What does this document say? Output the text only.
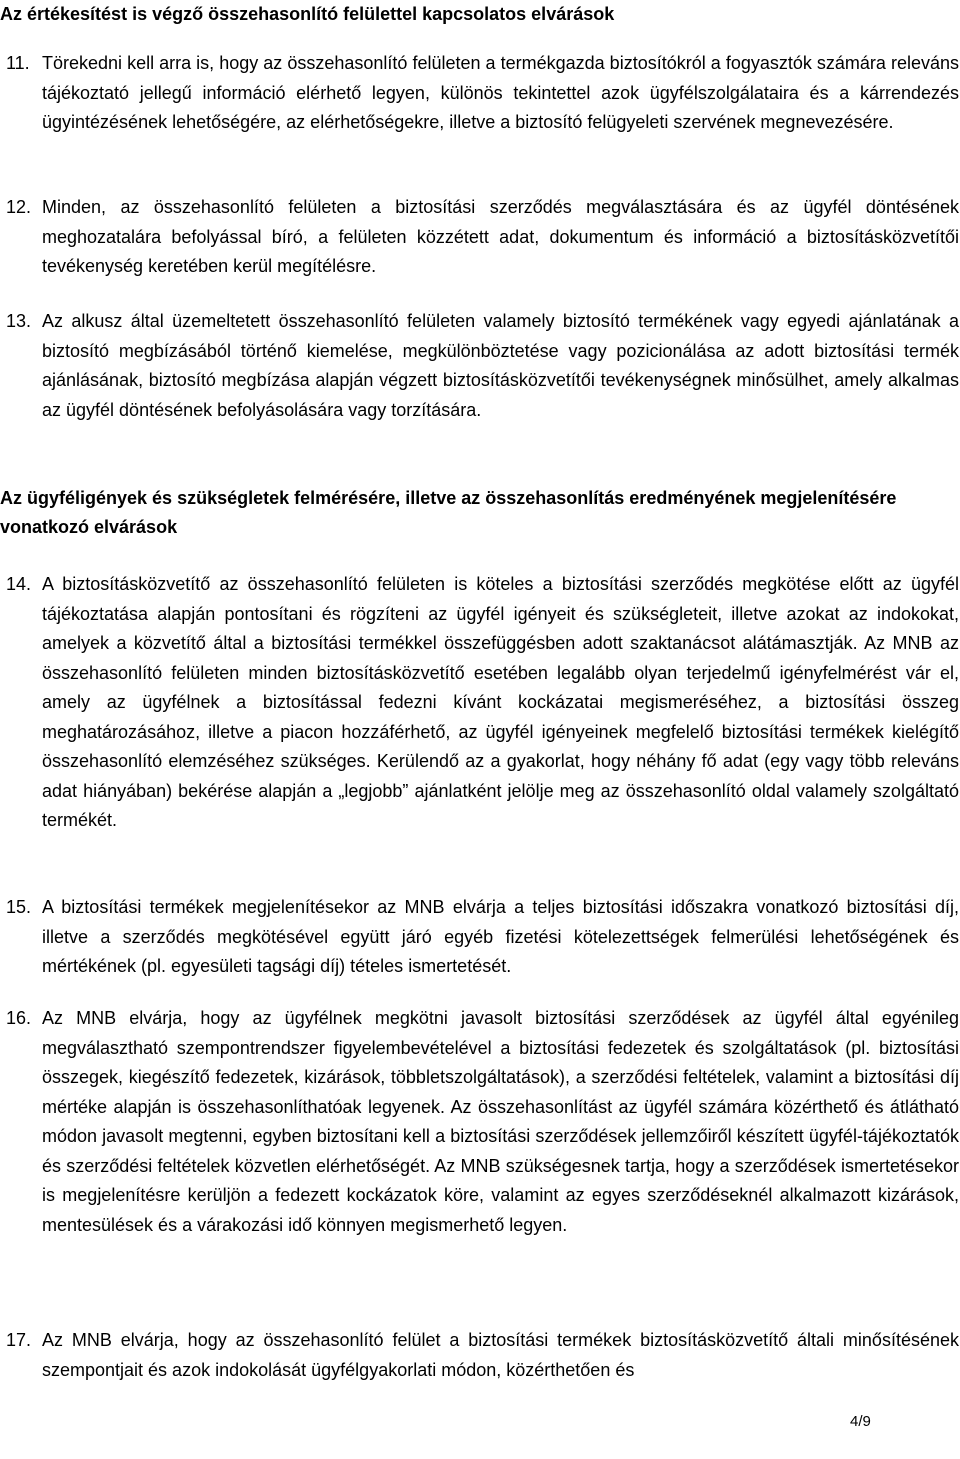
Az értékesítést is végző összehasonlító felülettel kapcsolatos elvárások
11. Törekedni kell arra is, hogy az összehasonlító felületen a termékgazda biztosítókról a fogyasztók számára releváns tájékoztató jellegű információ elérhető legyen, különös tekintettel azok ügyfélszolgálataira és a kárrendezés ügyintézésének lehetőségére, az elérhetőségekre, illetve a biztosító felügyeleti szervének megnevezésére.
12. Minden, az összehasonlító felületen a biztosítási szerződés megválasztására és az ügyfél döntésének meghozatalára befolyással bíró, a felületen közzétett adat, dokumentum és információ a biztosításközvetítői tevékenység keretében kerül megítélésre.
13. Az alkusz által üzemeltetett összehasonlító felületen valamely biztosító termékének vagy egyedi ajánlatának a biztosító megbízásából történő kiemelése, megkülönböztetése vagy pozicionálása az adott biztosítási termék ajánlásának, biztosító megbízása alapján végzett biztosításközvetítői tevékenységnek minősülhet, amely alkalmas az ügyfél döntésének befolyásolására vagy torzítására.
Az ügyféligények és szükségletek felmérésére, illetve az összehasonlítás eredményének megjelenítésére vonatkozó elvárások
14. A biztosításközvetítő az összehasonlító felületen is köteles a biztosítási szerződés megkötése előtt az ügyfél tájékoztatása alapján pontosítani és rögzíteni az ügyfél igényeit és szükségleteit, illetve azokat az indokokat, amelyek a közvetítő által a biztosítási termékkel összefüggésben adott szaktanácsot alátámasztják. Az MNB az összehasonlító felületen minden biztosításközvetítő esetében legalább olyan terjedelmű igényfelmérést vár el, amely az ügyfélnek a biztosítással fedezni kívánt kockázatai megismeréséhez, a biztosítási összeg meghatározásához, illetve a piacon hozzáférhető, az ügyfél igényeinek megfelelő biztosítási termékek kielégítő összehasonlító elemzéséhez szükséges. Kerülendő az a gyakorlat, hogy néhány fő adat (egy vagy több releváns adat hiányában) bekérése alapján a „legjobb” ajánlatként jelölje meg az összehasonlító oldal valamely szolgáltató termékét.
15. A biztosítási termékek megjelenítésekor az MNB elvárja a teljes biztosítási időszakra vonatkozó biztosítási díj, illetve a szerződés megkötésével együtt járó egyéb fizetési kötelezettségek felmerülési lehetőségének és mértékének (pl. egyesületi tagsági díj) tételes ismertetését.
16. Az MNB elvárja, hogy az ügyfélnek megkötni javasolt biztosítási szerződések az ügyfél által egyénileg megválasztható szempontrendszer figyelembevételével a biztosítási fedezetek és szolgáltatások (pl. biztosítási összegek, kiegészítő fedezetek, kizárások, többletszolgáltatások), a szerződési feltételek, valamint a biztosítási díj mértéke alapján is összehasonlíthatóak legyenek. Az összehasonlítást az ügyfél számára közérthető és átlátható módon javasolt megtenni, egyben biztosítani kell a biztosítási szerződések jellemzőiről készített ügyfél-tájékoztatók és szerződési feltételek közvetlen elérhetőségét. Az MNB szükségesnek tartja, hogy a szerződések ismertetésekor is megjelenítésre kerüljön a fedezett kockázatok köre, valamint az egyes szerződéseknél alkalmazott kizárások, mentesülések és a várakozási idő könnyen megismerhető legyen.
17. Az MNB elvárja, hogy az összehasonlító felület a biztosítási termékek biztosításközvetítő általi minősítésének szempontjait és azok indokolását ügyfélgyakorlati módon, közérthetően és
4/9
